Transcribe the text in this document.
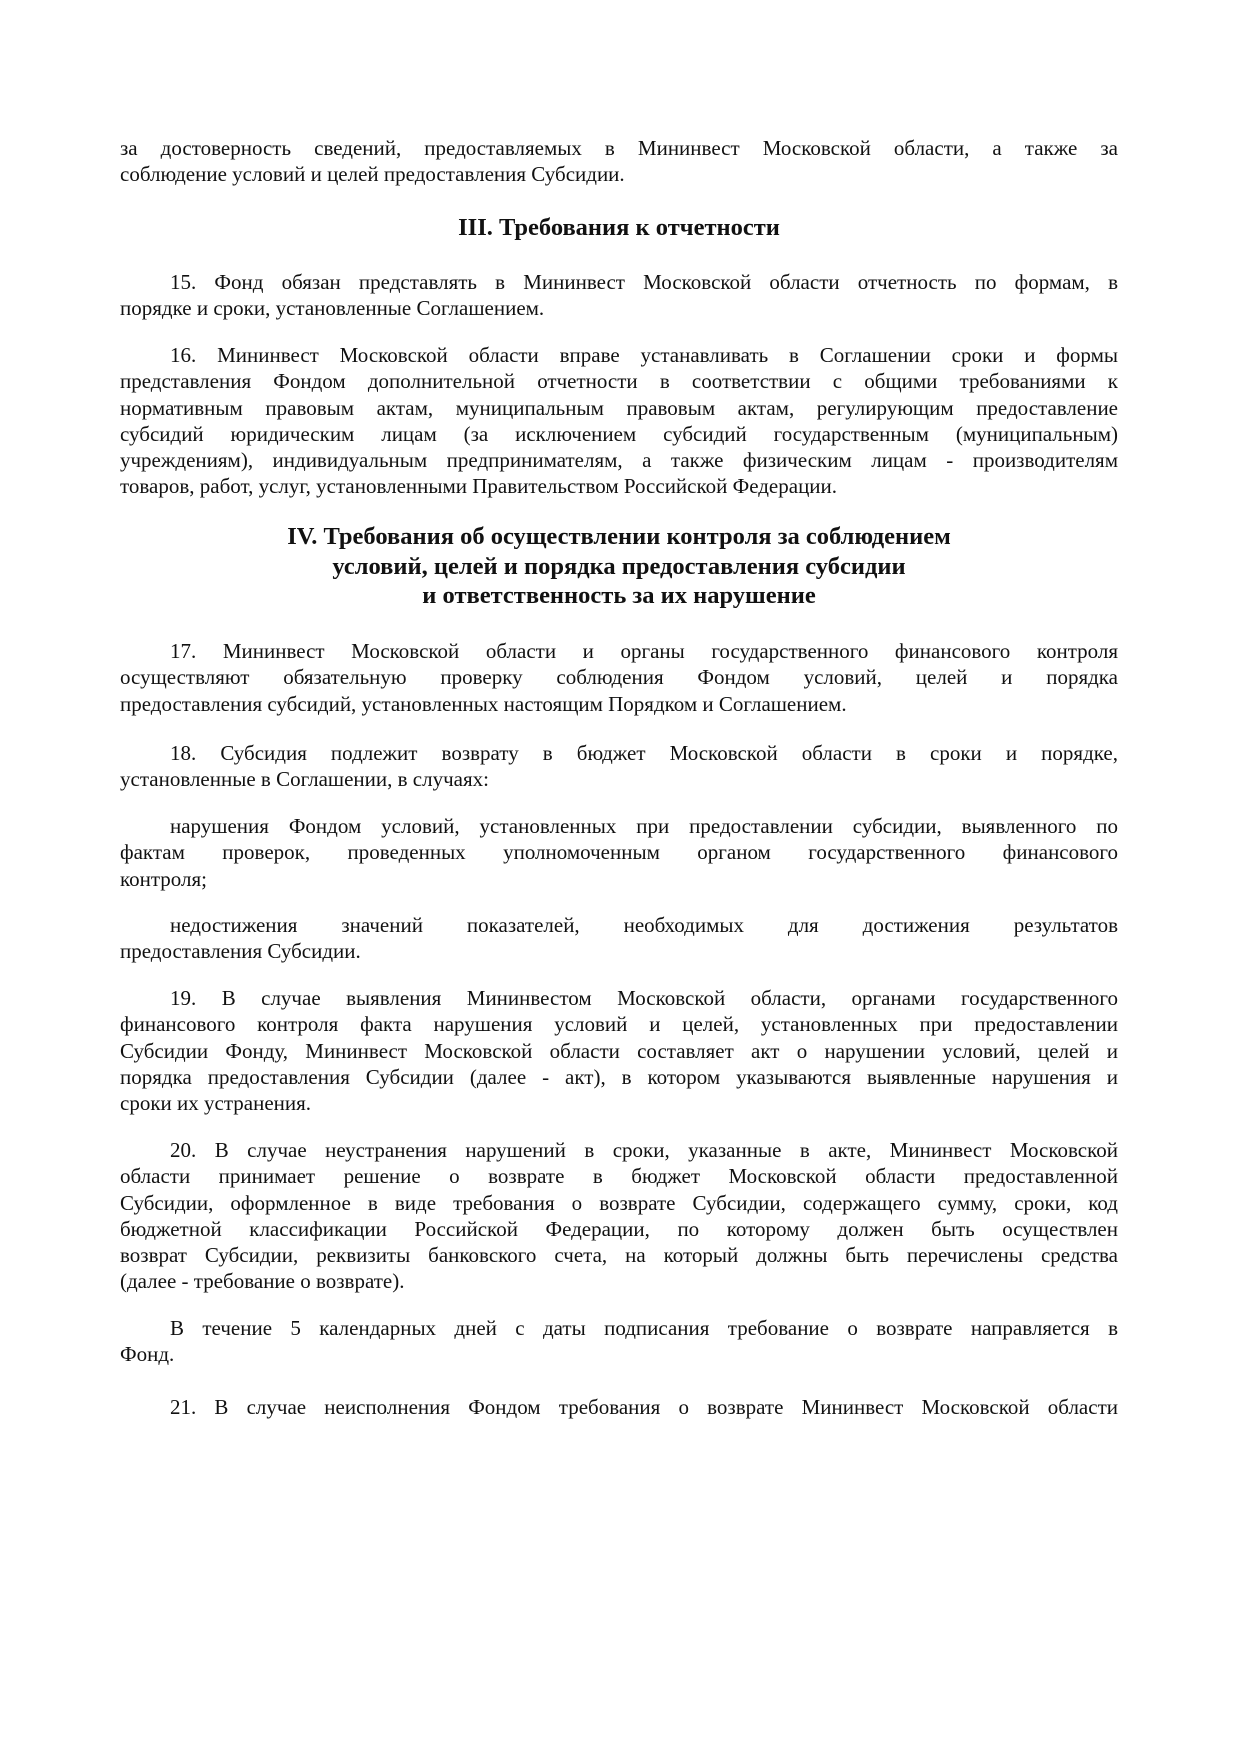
за достоверность сведений, предоставляемых в Мининвест Московской области, а также за
соблюдение условий и целей предоставления Субсидии.
III. Требования к отчетности
15. Фонд обязан представлять в Мининвест Московской области отчетность по формам, в
порядке и сроки, установленные Соглашением.
16. Мининвест Московской области вправе устанавливать в Соглашении сроки и формы
представления Фондом дополнительной отчетности в соответствии с общими требованиями к
нормативным правовым актам, муниципальным правовым актам, регулирующим предоставление
субсидий юридическим лицам (за исключением субсидий государственным (муниципальным)
учреждениям), индивидуальным предпринимателям, а также физическим лицам - производителям
товаров, работ, услуг, установленными Правительством Российской Федерации.
IV. Требования об осуществлении контроля за соблюдением
условий, целей и порядка предоставления субсидии
и ответственность за их нарушение
17. Мининвест Московской области и органы государственного финансового контроля
осуществляют обязательную проверку соблюдения Фондом условий, целей и порядка
предоставления субсидий, установленных настоящим Порядком и Соглашением.
18. Субсидия подлежит возврату в бюджет Московской области в сроки и порядке,
установленные в Соглашении, в случаях:
нарушения Фондом условий, установленных при предоставлении субсидии, выявленного по
фактам проверок, проведенных уполномоченным органом государственного финансового
контроля;
недостижения значений показателей, необходимых для достижения результатов
предоставления Субсидии.
19. В случае выявления Мининвестом Московской области, органами государственного
финансового контроля факта нарушения условий и целей, установленных при предоставлении
Субсидии Фонду, Мининвест Московской области составляет акт о нарушении условий, целей и
порядка предоставления Субсидии (далее - акт), в котором указываются выявленные нарушения и
сроки их устранения.
20. В случае неустранения нарушений в сроки, указанные в акте, Мининвест Московской
области принимает решение о возврате в бюджет Московской области предоставленной
Субсидии, оформленное в виде требования о возврате Субсидии, содержащего сумму, сроки, код
бюджетной классификации Российской Федерации, по которому должен быть осуществлен
возврат Субсидии, реквизиты банковского счета, на который должны быть перечислены средства
(далее - требование о возврате).
В течение 5 календарных дней с даты подписания требование о возврате направляется в
Фонд.
21. В случае неисполнения Фондом требования о возврате Мининвест Московской области
